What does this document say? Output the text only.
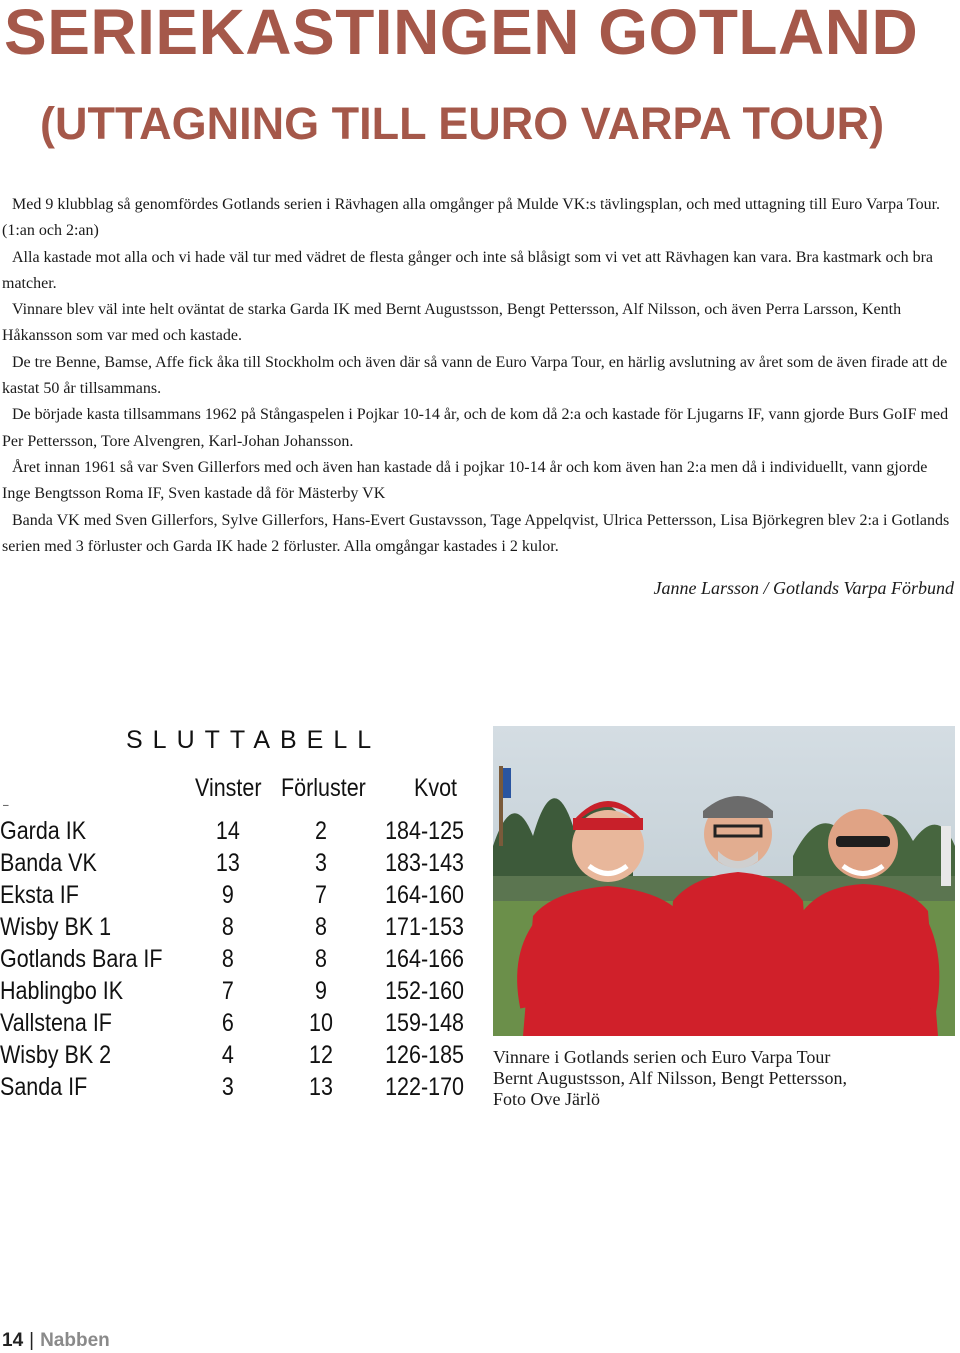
SERIEKASTINGEN GOTLAND
(UTTAGNING TILL EURO VARPA TOUR)

Med 9 klubblag så genomfördes Gotlands serien i Rävhagen alla omgånger på Mulde VK:s tävlingsplan, och med uttagning till Euro Varpa Tour. (1:an och 2:an)

Alla kastade mot alla och vi hade väl tur med vädret de flesta gånger och inte så blåsigt som vi vet att Rävhagen kan vara. Bra kastmark och bra matcher.

Vinnare blev väl inte helt oväntat de starka Garda IK med Bernt Augustsson, Bengt Pettersson, Alf Nilsson, och även Perra Larsson, Kenth Håkansson som var med och kastade.

De tre Benne, Bamse, Affe fick åka till Stockholm och även där så vann de Euro Varpa Tour, en härlig avslutning av året som de även firade att de kastat 50 år tillsammans.

De började kasta tillsammans 1962 på Stångaspelen i Pojkar 10-14 år, och de kom då 2:a och kastade för Ljugarns IF, vann gjorde Burs GoIF med Per Pettersson, Tore Alvengren, Karl-Johan Johansson.

Året innan 1961 så var Sven Gillerfors med och även han kastade då i pojkar 10-14 år och kom även han 2:a men då i individuellt, vann gjorde Inge Bengtsson Roma IF, Sven kastade då för Mästerby VK

Banda VK med Sven Gillerfors, Sylve Gillerfors, Hans-Evert Gustavsson, Tage Appelqvist, Ulrica Pettersson, Lisa Björkegren blev 2:a i Gotlands serien med 3 förluster och Garda IK hade 2 förluster. Alla omgångar kastades i 2 kulor.

Janne Larsson / Gotlands Varpa Förbund
SLUTTABELL
–
Vinster Förluster Kvot
Garda IK	14	2	184-125

Banda VK	13	3	183-143

Eksta IF	9	7	164-160

Wisby BK 1	8	8	171-153

Gotlands Bara IF	8	8	164-166

Hablingbo IK	7	9	152-160

Vallstena IF	6	10	159-148

Wisby BK 2	4	12	126-185

Sanda IF	3	13	122-170
Vinnare i Gotlands serien och Euro Varpa Tour
Bernt Augustsson, Alf Nilsson, Bengt Pettersson,
Foto Ove Järlö
14 | Nabben
